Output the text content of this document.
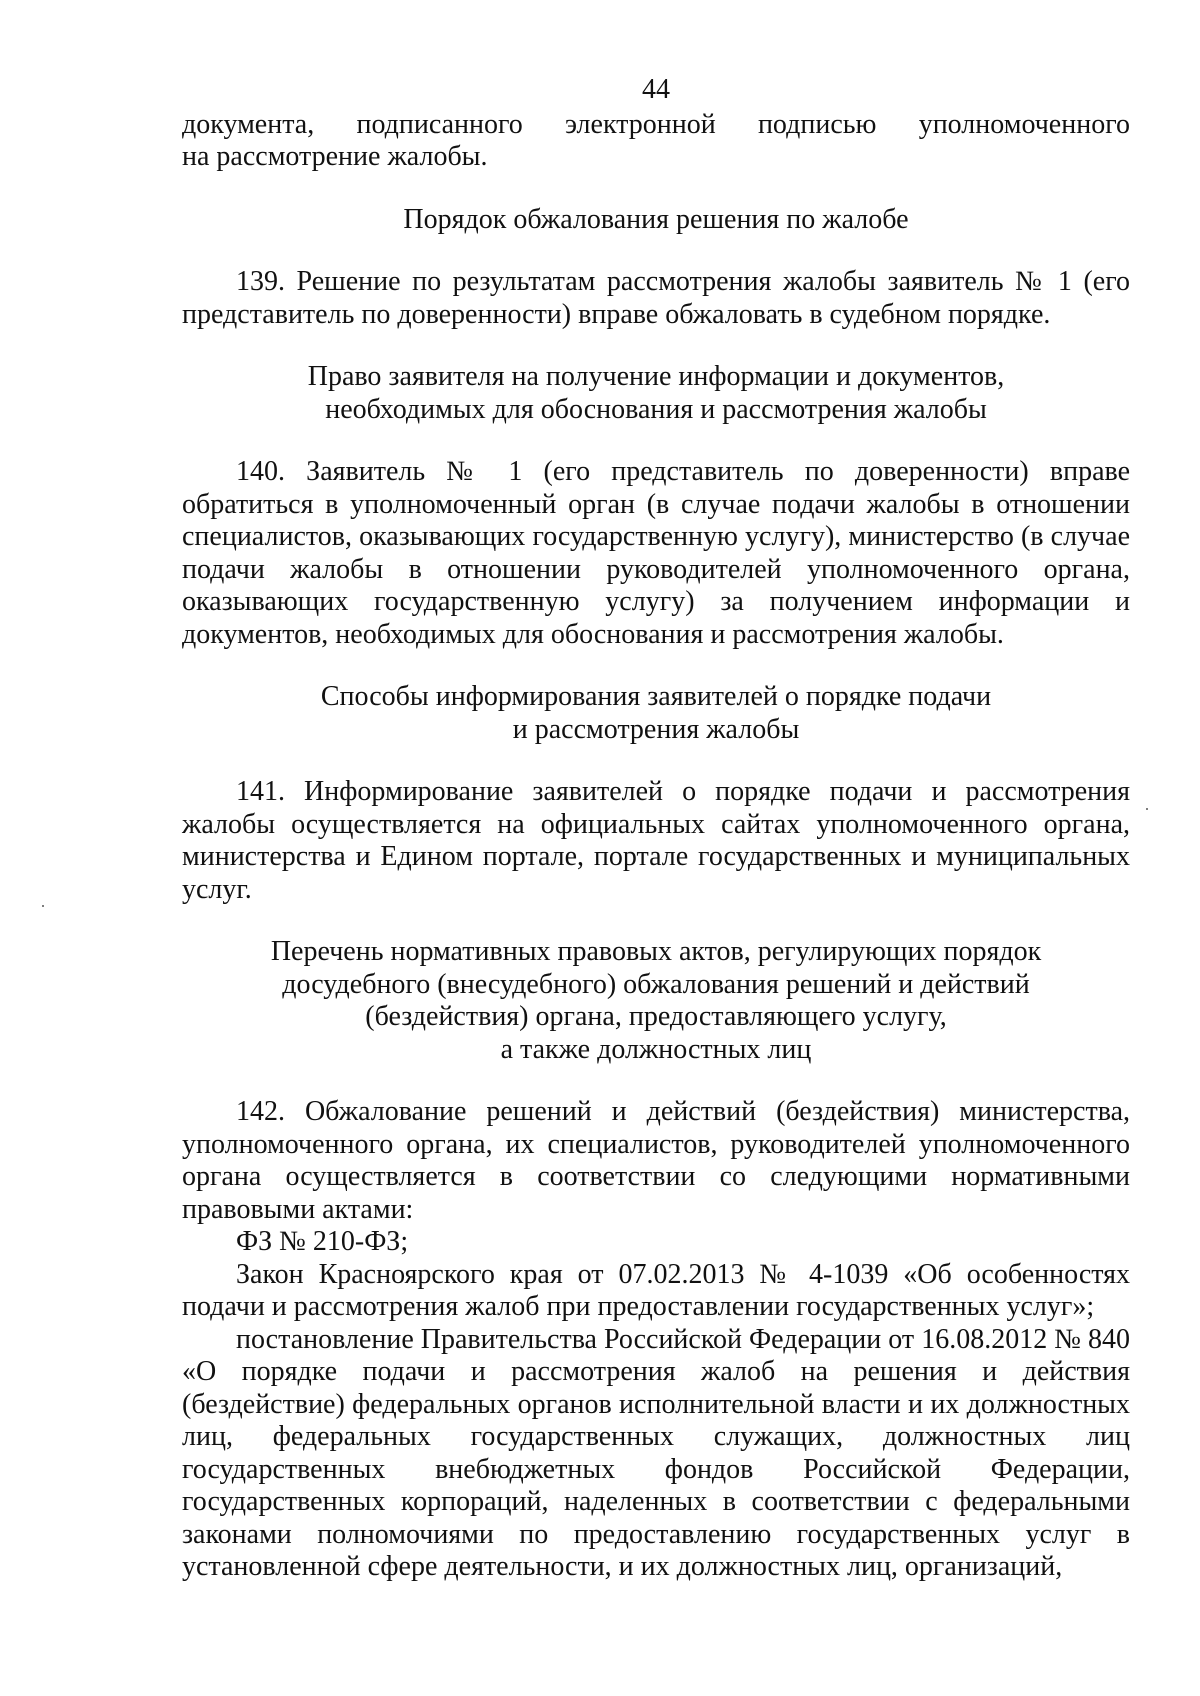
44

документа, подписанного электронной подписью уполномоченного

на рассмотрение жалобы.

Порядок обжалования решения по жалобе

139. Решение по результатам рассмотрения жалобы заявитель № 1 (его представитель по доверенности) вправе обжаловать в судебном порядке.

Право заявителя на получение информации и документов,
необходимых для обоснования и рассмотрения жалобы

140. Заявитель № 1 (его представитель по доверенности) вправе обратиться в уполномоченный орган (в случае подачи жалобы в отношении специалистов, оказывающих государственную услугу), министерство (в случае подачи жалобы в отношении руководителей уполномоченного органа, оказывающих государственную услугу) за получением информации и документов, необходимых для обоснования и рассмотрения жалобы.

Способы информирования заявителей о порядке подачи
и рассмотрения жалобы

141. Информирование заявителей о порядке подачи и рассмотрения жалобы осуществляется на официальных сайтах уполномоченного органа, министерства и Едином портале, портале государственных и муниципальных услуг.

Перечень нормативных правовых актов, регулирующих порядок
досудебного (внесудебного) обжалования решений и действий
(бездействия) органа, предоставляющего услугу,
а также должностных лиц

142. Обжалование решений и действий (бездействия) министерства, уполномоченного органа, их специалистов, руководителей уполномоченного органа осуществляется в соответствии со следующими нормативными правовыми актами:

ФЗ № 210-ФЗ;

Закон Красноярского края от 07.02.2013 № 4-1039 «Об особенностях подачи и рассмотрения жалоб при предоставлении государственных услуг»;

постановление Правительства Российской Федерации от 16.08.2012 № 840 «О порядке подачи и рассмотрения жалоб на решения и действия (бездействие) федеральных органов исполнительной власти и их должностных лиц, федеральных государственных служащих, должностных лиц государственных внебюджетных фондов Российской Федерации, государственных корпораций, наделенных в соответствии с федеральными законами полномочиями по предоставлению государственных услуг в установленной сфере деятельности, и их должностных лиц, организаций,
